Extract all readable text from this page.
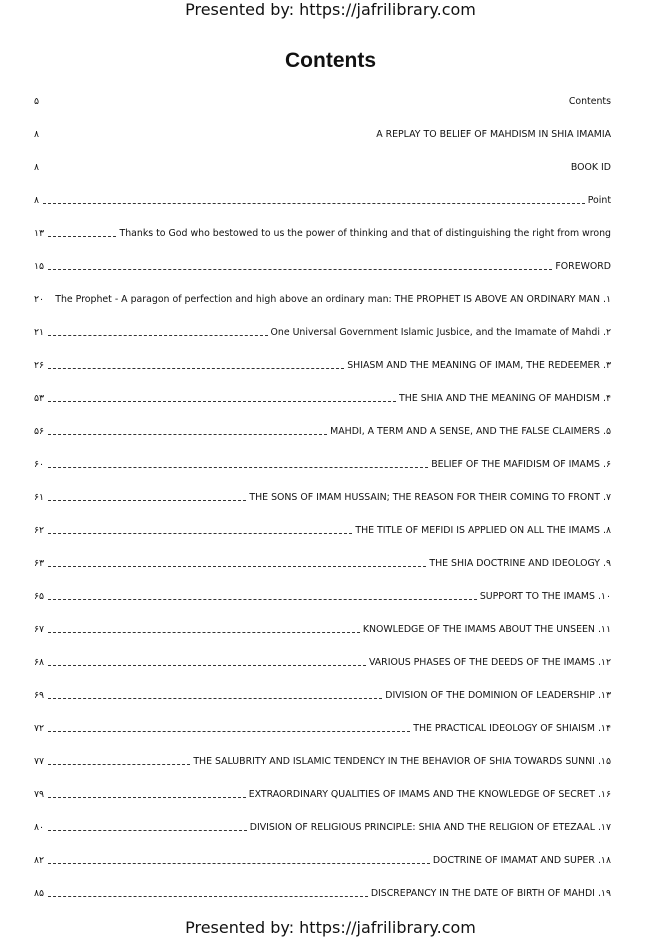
Presented by: https://jafrilibrary.com
Contents
۵	Contents
۸	A REPLAY TO BELIEF OF MAHDISM IN SHIA IMAMIA
۸	BOOK ID
۸	Point
۱۳	Thanks to God who bestowed to us the power of thinking and that of distinguishing the right from wrong
۱۵	FOREWORD
۲۰	The Prophet - A paragon of perfection and high above an ordinary man: THE PROPHET IS ABOVE AN ORDINARY MAN .۱
۲۱	One Universal Government Islamic Jusbice, and the Imamate of Mahdi .۲
۲۶	SHIASM AND THE MEANING OF IMAM, THE REDEEMER .۳
۵۳	THE SHIA AND THE MEANING OF MAHDISM .۴
۵۶	MAHDI, A TERM AND A SENSE, AND THE FALSE CLAIMERS .۵
۶۰	BELIEF OF THE MAFIDISM OF IMAMS .۶
۶۱	THE SONS OF IMAM HUSSAIN; THE REASON FOR THEIR COMING TO FRONT .۷
۶۲	THE TITLE OF MEFIDI IS APPLIED ON ALL THE IMAMS .۸
۶۳	THE SHIA DOCTRINE AND IDEOLOGY .۹
۶۵	SUPPORT TO THE IMAMS .۱۰
۶۷	KNOWLEDGE OF THE IMAMS ABOUT THE UNSEEN .۱۱
۶۸	VARIOUS PHASES OF THE DEEDS OF THE IMAMS .۱۲
۶۹	DIVISION OF THE DOMINION OF LEADERSHIP .۱۳
۷۲	THE PRACTICAL IDEOLOGY OF SHIAISM .۱۴
۷۷	THE SALUBRITY AND ISLAMIC TENDENCY IN THE BEHAVIOR OF SHIA TOWARDS SUNNI .۱۵
۷۹	EXTRAORDINARY QUALITIES OF IMAMS AND THE KNOWLEDGE OF SECRET .۱۶
۸۰	DIVISION OF RELIGIOUS PRINCIPLE: SHIA AND THE RELIGION OF ETEZAAL .۱۷
۸۲	DOCTRINE OF IMAMAT AND SUPER .۱۸
۸۵	DISCREPANCY IN THE DATE OF BIRTH OF MAHDI .۱۹
Presented by: https://jafrilibrary.com
